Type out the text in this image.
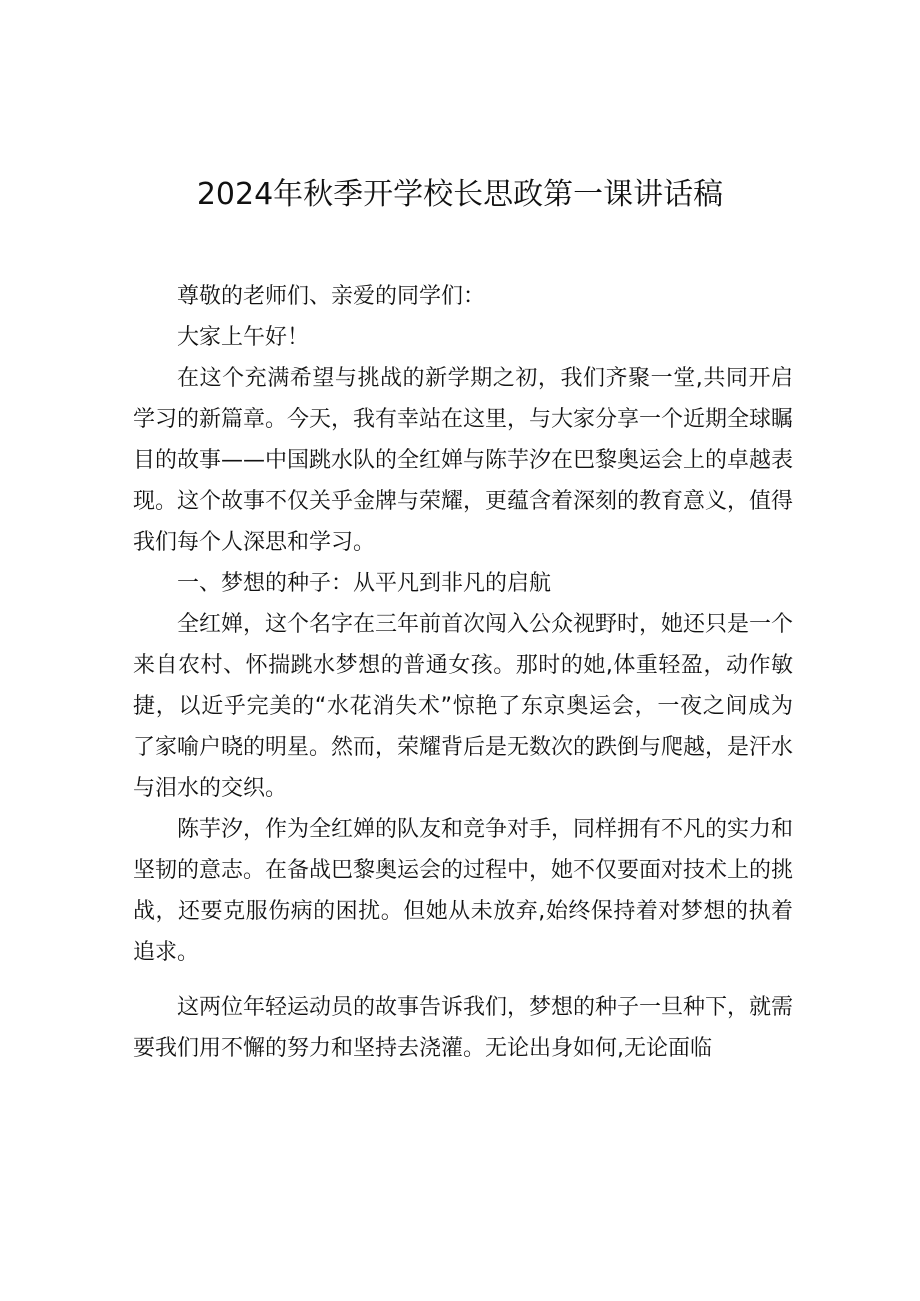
2024年秋季开学校长思政第一课讲话稿

尊敬的老师们、亲爱的同学们：

大家上午好！

在这个充满希望与挑战的新学期之初，我们齐聚一堂,共同开启学习的新篇章。今天，我有幸站在这里，与大家分享一个近期全球瞩目的故事——中国跳水队的全红婵与陈芋汐在巴黎奥运会上的卓越表现。这个故事不仅关乎金牌与荣耀，更蕴含着深刻的教育意义，值得我们每个人深思和学习。

一、梦想的种子：从平凡到非凡的启航

全红婵，这个名字在三年前首次闯入公众视野时，她还只是一个来自农村、怀揣跳水梦想的普通女孩。那时的她,体重轻盈，动作敏捷，以近乎完美的“水花消失术”惊艳了东京奥运会，一夜之间成为了家喻户晓的明星。然而，荣耀背后是无数次的跌倒与爬越，是汗水与泪水的交织。

陈芋汐，作为全红婵的队友和竞争对手，同样拥有不凡的实力和坚韧的意志。在备战巴黎奥运会的过程中，她不仅要面对技术上的挑战，还要克服伤病的困扰。但她从未放弃,始终保持着对梦想的执着追求。

这两位年轻运动员的故事告诉我们，梦想的种子一旦种下，就需要我们用不懈的努力和坚持去浇灌。无论出身如何,无论面临
